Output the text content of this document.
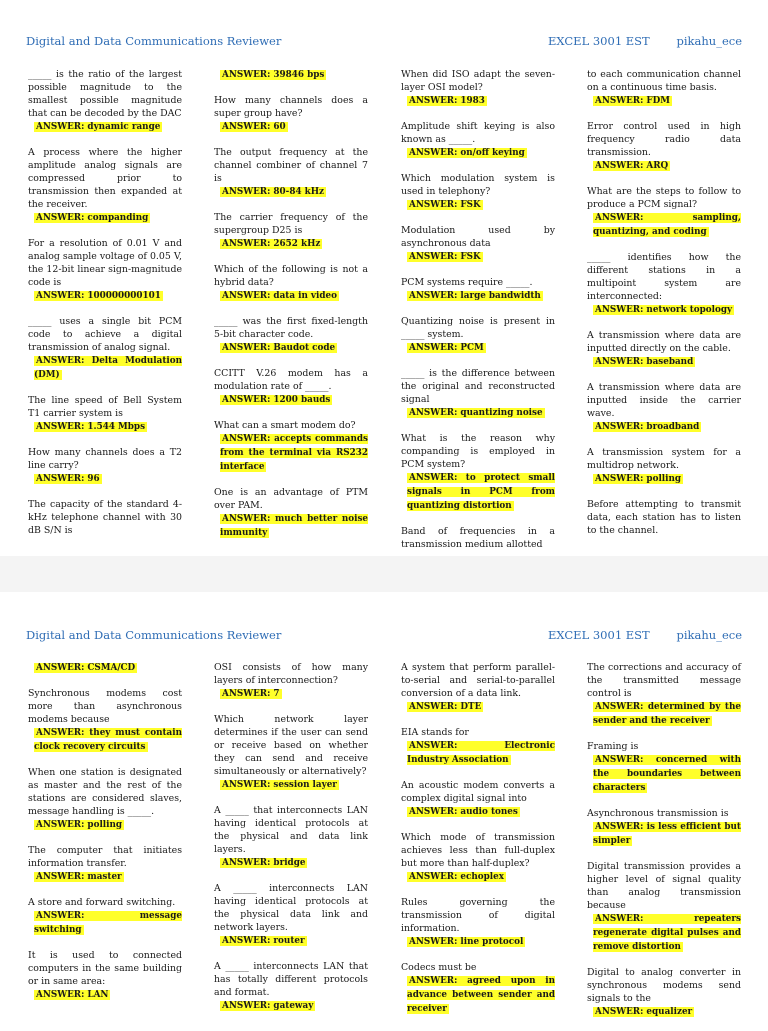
Digital and Data Communications Reviewer	EXCEL 3001 EST pikahu_ece

_____ is the ratio of the largest possible magnitude to the smallest possible magnitude that can be decoded by the DAC

ANSWER: dynamic range

A process where the higher amplitude analog signals are compressed prior to transmission then expanded at the receiver.

ANSWER: companding

For a resolution of 0.01 V and analog sample voltage of 0.05 V, the 12-bit linear sign-magnitude code is

ANSWER: 100000000101

_____ uses a single bit PCM code to achieve a digital transmission of analog signal.

ANSWER: Delta Modulation (DM)

The line speed of Bell System T1 carrier system is

ANSWER: 1.544 Mbps

How many channels does a T2 line carry?

ANSWER: 96

The capacity of the standard 4-kHz telephone channel with 30 dB S/N is

ANSWER: 39846 bps

How many channels does a super group have?

ANSWER: 60

The output frequency at the channel combiner of channel 7 is

ANSWER: 80-84 kHz

The carrier frequency of the supergroup D25 is

ANSWER: 2652 kHz

Which of the following is not a hybrid data?

ANSWER: data in video

_____ was the first fixed-length 5-bit character code.

ANSWER: Baudot code

CCITT V.26 modem has a modulation rate of _____.

ANSWER: 1200 bauds

What can a smart modem do?

ANSWER: accepts commands from the terminal via RS232 interface

One is an advantage of PTM over PAM.

ANSWER: much better noise immunity

When did ISO adapt the seven-layer OSI model?

ANSWER: 1983

Amplitude shift keying is also known as _____.

ANSWER: on/off keying

Which modulation system is used in telephony?

ANSWER: FSK

Modulation used by asynchronous data

ANSWER: FSK

PCM systems require _____.

ANSWER: large bandwidth

Quantizing noise is present in _____ system.

ANSWER: PCM

_____ is the difference between the original and reconstructed signal

ANSWER: quantizing noise

What is the reason why companding is employed in PCM system?

ANSWER: to protect small signals in PCM from quantizing distortion

Band of frequencies in a transmission medium allotted

to each communication channel on a continuous time basis.

ANSWER: FDM

Error control used in high frequency radio data transmission.

ANSWER: ARQ

What are the steps to follow to produce a PCM signal?

ANSWER: sampling, quantizing, and coding

_____ identifies how the different stations in a multipoint system are interconnected:

ANSWER: network topology

A transmission where data are inputted directly on the cable.

ANSWER: baseband

A transmission where data are inputted inside the carrier wave.

ANSWER: broadband

A transmission system for a multidrop network.

ANSWER: polling

Before attempting to transmit data, each station has to listen to the channel.

Digital and Data Communications Reviewer	EXCEL 3001 EST pikahu_ece

ANSWER: CSMA/CD

Synchronous modems cost more than asynchronous modems because

ANSWER: they must contain clock recovery circuits

When one station is designated as master and the rest of the stations are considered slaves, message handling is _____.

ANSWER: polling

The computer that initiates information transfer.

ANSWER: master

A store and forward switching.

ANSWER: message switching

It is used to connected computers in the same building or in same area:

ANSWER: LAN

OSI consists of how many layers of interconnection?

ANSWER: 7

Which network layer determines if the user can send or receive based on whether they can send and receive simultaneously or alternatively?

ANSWER: session layer

A _____ that interconnects LAN having identical protocols at the physical and data link layers.

ANSWER: bridge

A _____ interconnects LAN having identical protocols at the physical data link and network layers.

ANSWER: router

A _____ interconnects LAN that has totally different protocols and format.

ANSWER: gateway

A system that perform parallel-to-serial and serial-to-parallel conversion of a data link.

ANSWER: DTE

EIA stands for

ANSWER: Electronic Industry Association

An acoustic modem converts a complex digital signal into

ANSWER: audio tones

Which mode of transmission achieves less than full-duplex but more than half-duplex?

ANSWER: echoplex

Rules governing the transmission of digital information.

ANSWER: line protocol

Codecs must be

ANSWER: agreed upon in advance between sender and receiver

The corrections and accuracy of the transmitted message control is

ANSWER: determined by the sender and the receiver

Framing is

ANSWER: concerned with the boundaries between characters

Asynchronous transmission is

ANSWER: is less efficient but simpler

Digital transmission provides a higher level of signal quality than analog transmission because

ANSWER: repeaters regenerate digital pulses and remove distortion

Digital to analog converter in synchronous modems send signals to the

ANSWER: equalizer
